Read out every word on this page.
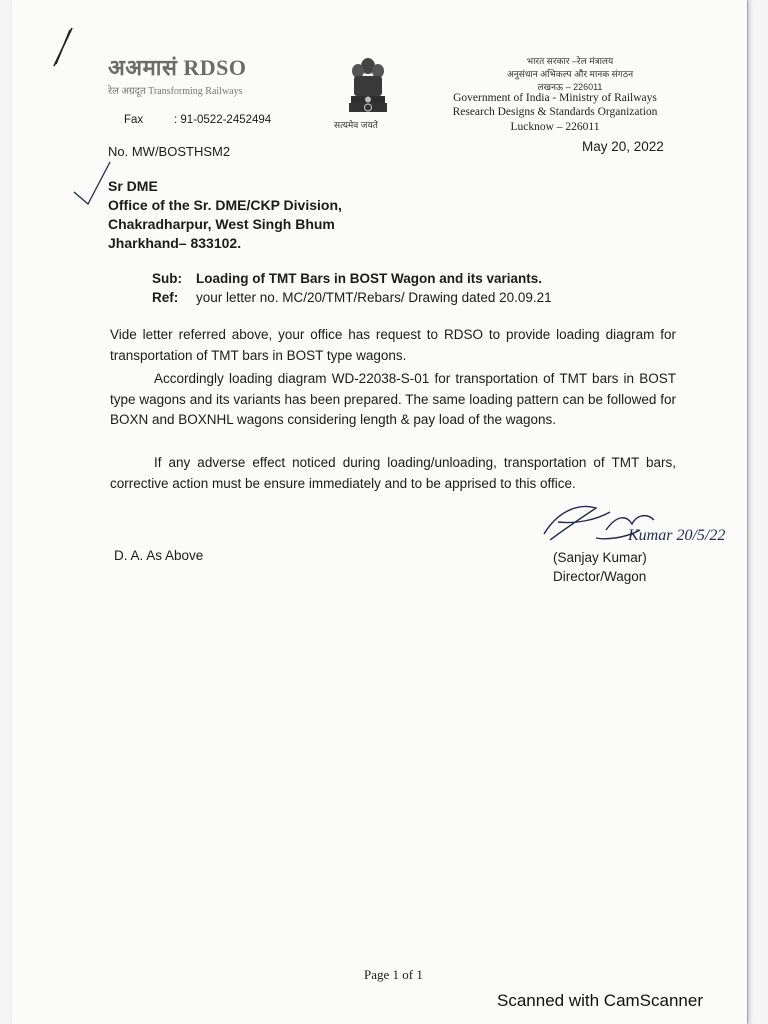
अअमासं RDSO
रेल अग्रदूत Transforming Railways
Fax	: 91-0522-2452494	सत्यमेव जयते
भारत सरकार –रेल मंत्रालय
अनुसंधान अभिकल्प और मानक संगठन
लखनऊ – 226011
Government of India - Ministry of Railways
Research Designs & Standards Organization
Lucknow – 226011
No. MW/BOSTHSM2	May 20, 2022
Sr DME
Office of the Sr. DME/CKP Division,
Chakradharpur, West Singh Bhum
Jharkhand– 833102.
Sub: Loading of TMT Bars in BOST Wagon and its variants.
Ref: your letter no. MC/20/TMT/Rebars/ Drawing dated 20.09.21

Vide letter referred above, your office has request to RDSO to provide loading diagram for transportation of TMT bars in BOST type wagons.

Accordingly loading diagram WD-22038-S-01 for transportation of TMT bars in BOST type wagons and its variants has been prepared. The same loading pattern can be followed for BOXN and BOXNHL wagons considering length & pay load of the wagons.

If any adverse effect noticed during loading/unloading, transportation of TMT bars, corrective action must be ensure immediately and to be apprised to this office.

Kumar 20/5/22
D. A. As Above	(Sanjay Kumar)
Director/Wagon
Page 1 of 1
Scanned with CamScanner
